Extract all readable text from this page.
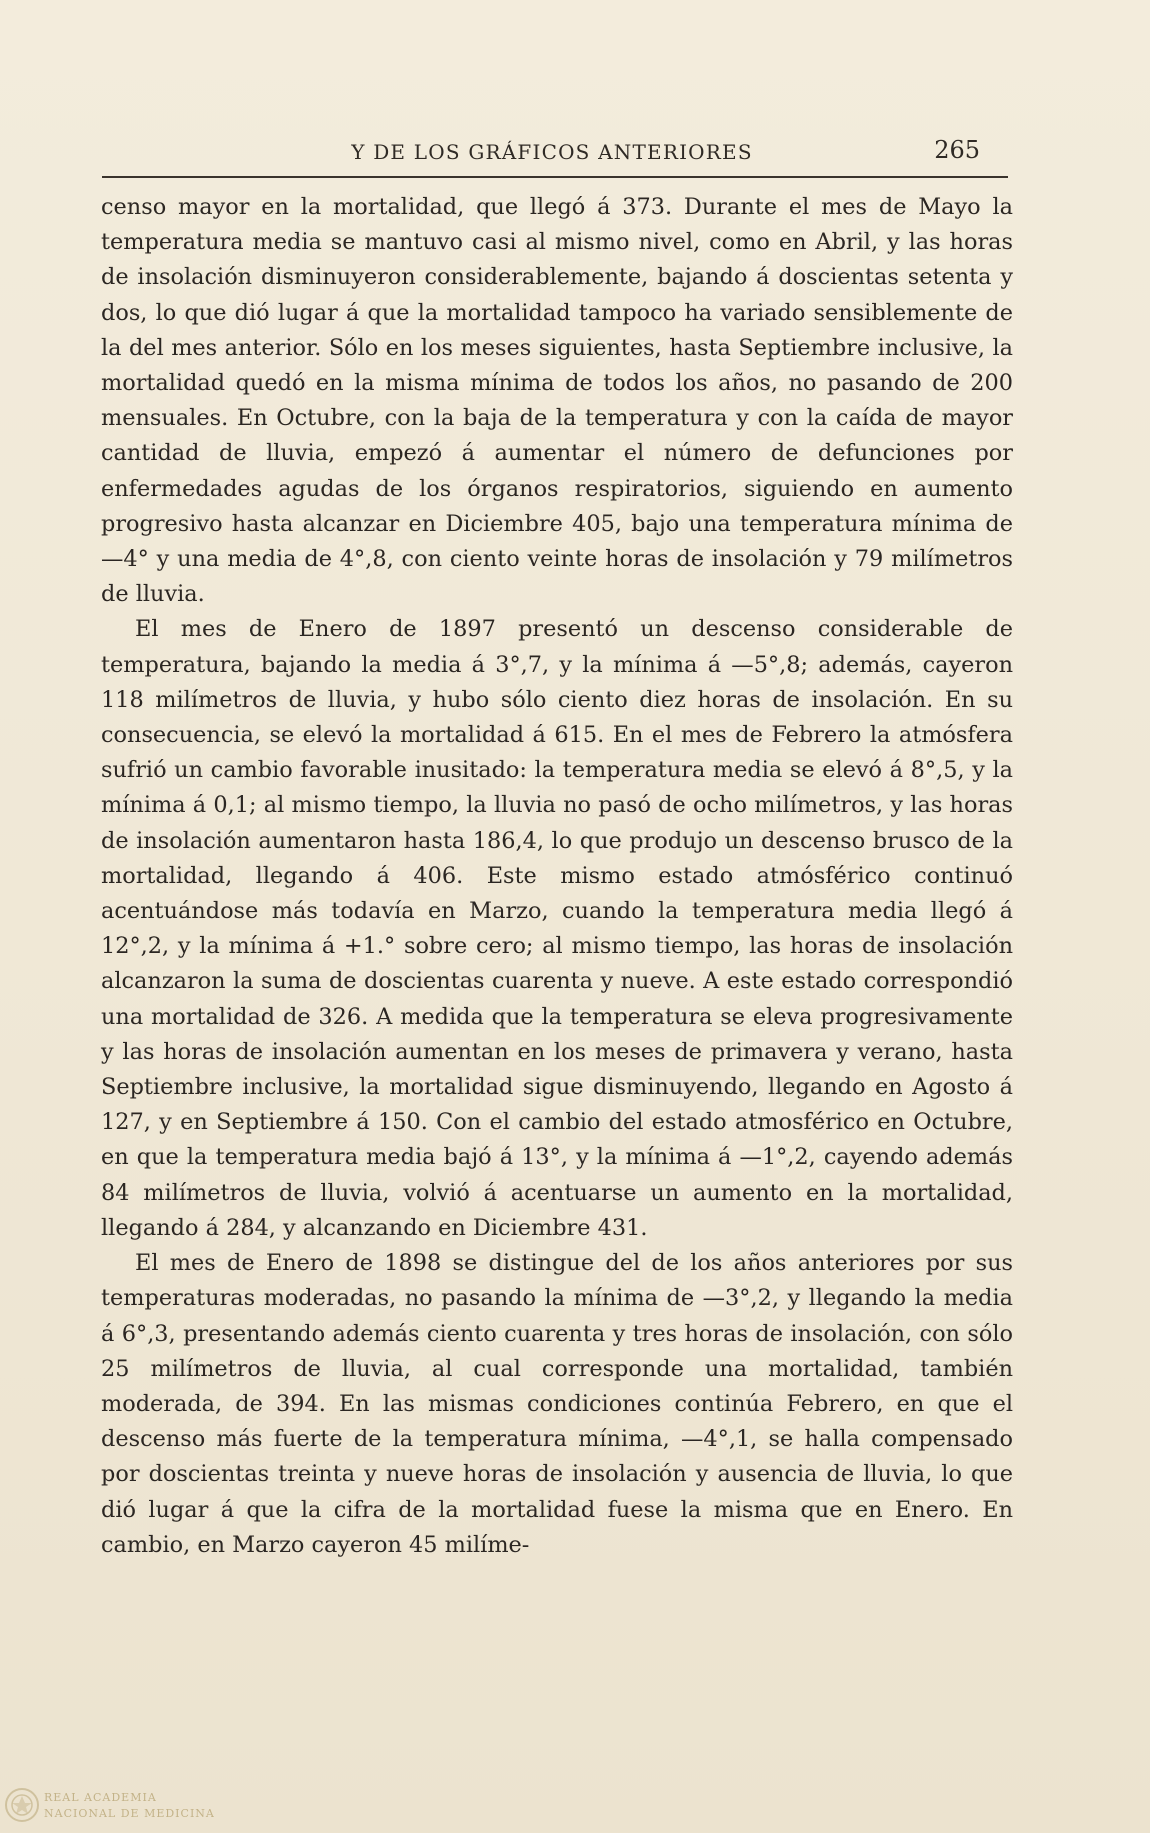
Y DE LOS GRÁFICOS ANTERIORES	265

censo mayor en la mortalidad, que llegó á 373. Durante el mes de Mayo la temperatura media se mantuvo casi al mismo nivel, como en Abril, y las horas de insolación disminuyeron considerablemente, bajando á doscientas setenta y dos, lo que dió lugar á que la mortalidad tampoco ha variado sensiblemente de la del mes anterior. Sólo en los meses siguientes, hasta Septiembre inclusive, la mortalidad quedó en la misma mínima de todos los años, no pasando de 200 mensuales. En Octubre, con la baja de la temperatura y con la caída de mayor cantidad de lluvia, empezó á aumentar el número de defunciones por enfermedades agudas de los órganos respiratorios, siguiendo en aumento progresivo hasta alcanzar en Diciembre 405, bajo una temperatura mínima de —4° y una media de 4°,8, con ciento veinte horas de insolación y 79 milímetros de lluvia.

El mes de Enero de 1897 presentó un descenso considerable de temperatura, bajando la media á 3°,7, y la mínima á —5°,8; además, cayeron 118 milímetros de lluvia, y hubo sólo ciento diez horas de insolación. En su consecuencia, se elevó la mortalidad á 615. En el mes de Febrero la atmósfera sufrió un cambio favorable inusitado: la temperatura media se elevó á 8°,5, y la mínima á 0,1; al mismo tiempo, la lluvia no pasó de ocho milímetros, y las horas de insolación aumentaron hasta 186,4, lo que produjo un descenso brusco de la mortalidad, llegando á 406. Este mismo estado atmósférico continuó acentuándose más todavía en Marzo, cuando la temperatura media llegó á 12°,2, y la mínima á +1.° sobre cero; al mismo tiempo, las horas de insolación alcanzaron la suma de doscientas cuarenta y nueve. A este estado correspondió una mortalidad de 326. A medida que la temperatura se eleva progresivamente y las horas de insolación aumentan en los meses de primavera y verano, hasta Septiembre inclusive, la mortalidad sigue disminuyendo, llegando en Agosto á 127, y en Septiembre á 150. Con el cambio del estado atmosférico en Octubre, en que la temperatura media bajó á 13°, y la mínima á —1°,2, cayendo además 84 milímetros de lluvia, volvió á acentuarse un aumento en la mortalidad, llegando á 284, y alcanzando en Diciembre 431.

El mes de Enero de 1898 se distingue del de los años anteriores por sus temperaturas moderadas, no pasando la mínima de —3°,2, y llegando la media á 6°,3, presentando además ciento cuarenta y tres horas de insolación, con sólo 25 milímetros de lluvia, al cual corresponde una mortalidad, también moderada, de 394. En las mismas condiciones continúa Febrero, en que el descenso más fuerte de la temperatura mínima, —4°,1, se halla compensado por doscientas treinta y nueve horas de insolación y ausencia de lluvia, lo que dió lugar á que la cifra de la mortalidad fuese la misma que en Enero. En cambio, en Marzo cayeron 45 milíme-

REAL ACADEMIA
NACIONAL DE MEDICINA
